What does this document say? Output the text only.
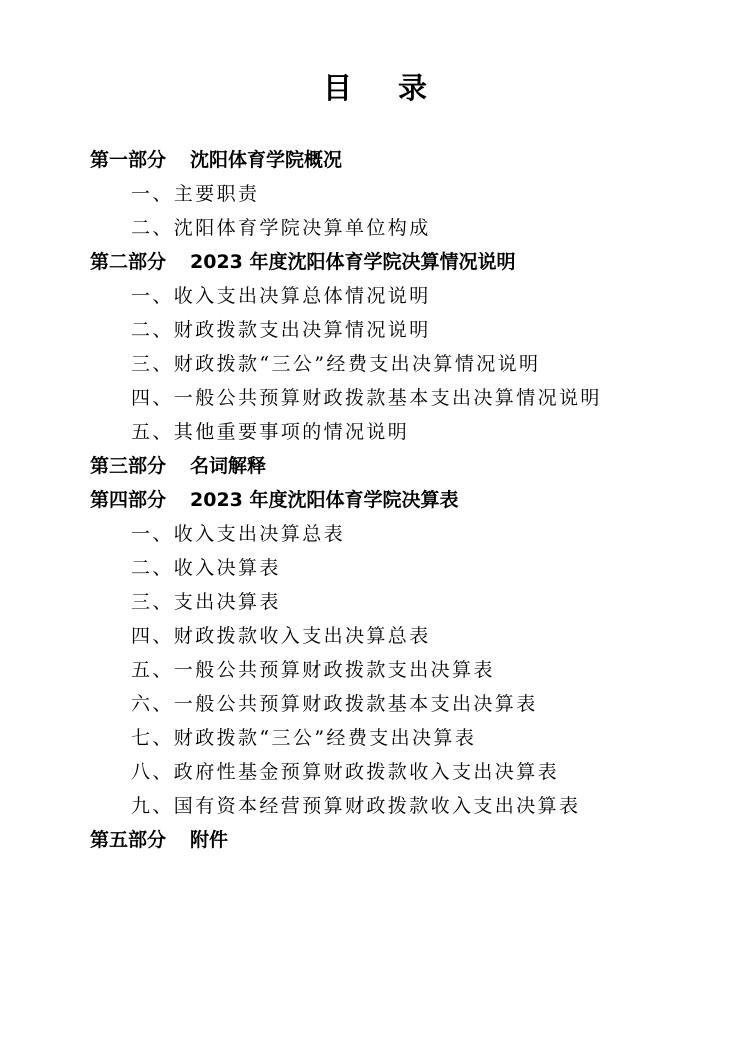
目 录
第一部分 沈阳体育学院概况
一、主要职责
二、沈阳体育学院决算单位构成
第二部分 2023 年度沈阳体育学院决算情况说明
一、收入支出决算总体情况说明
二、财政拨款支出决算情况说明
三、财政拨款“三公”经费支出决算情况说明
四、一般公共预算财政拨款基本支出决算情况说明
五、其他重要事项的情况说明
第三部分 名词解释
第四部分 2023 年度沈阳体育学院决算表
一、收入支出决算总表
二、收入决算表
三、支出决算表
四、财政拨款收入支出决算总表
五、一般公共预算财政拨款支出决算表
六、一般公共预算财政拨款基本支出决算表
七、财政拨款“三公”经费支出决算表
八、政府性基金预算财政拨款收入支出决算表
九、国有资本经营预算财政拨款收入支出决算表
第五部分 附件
